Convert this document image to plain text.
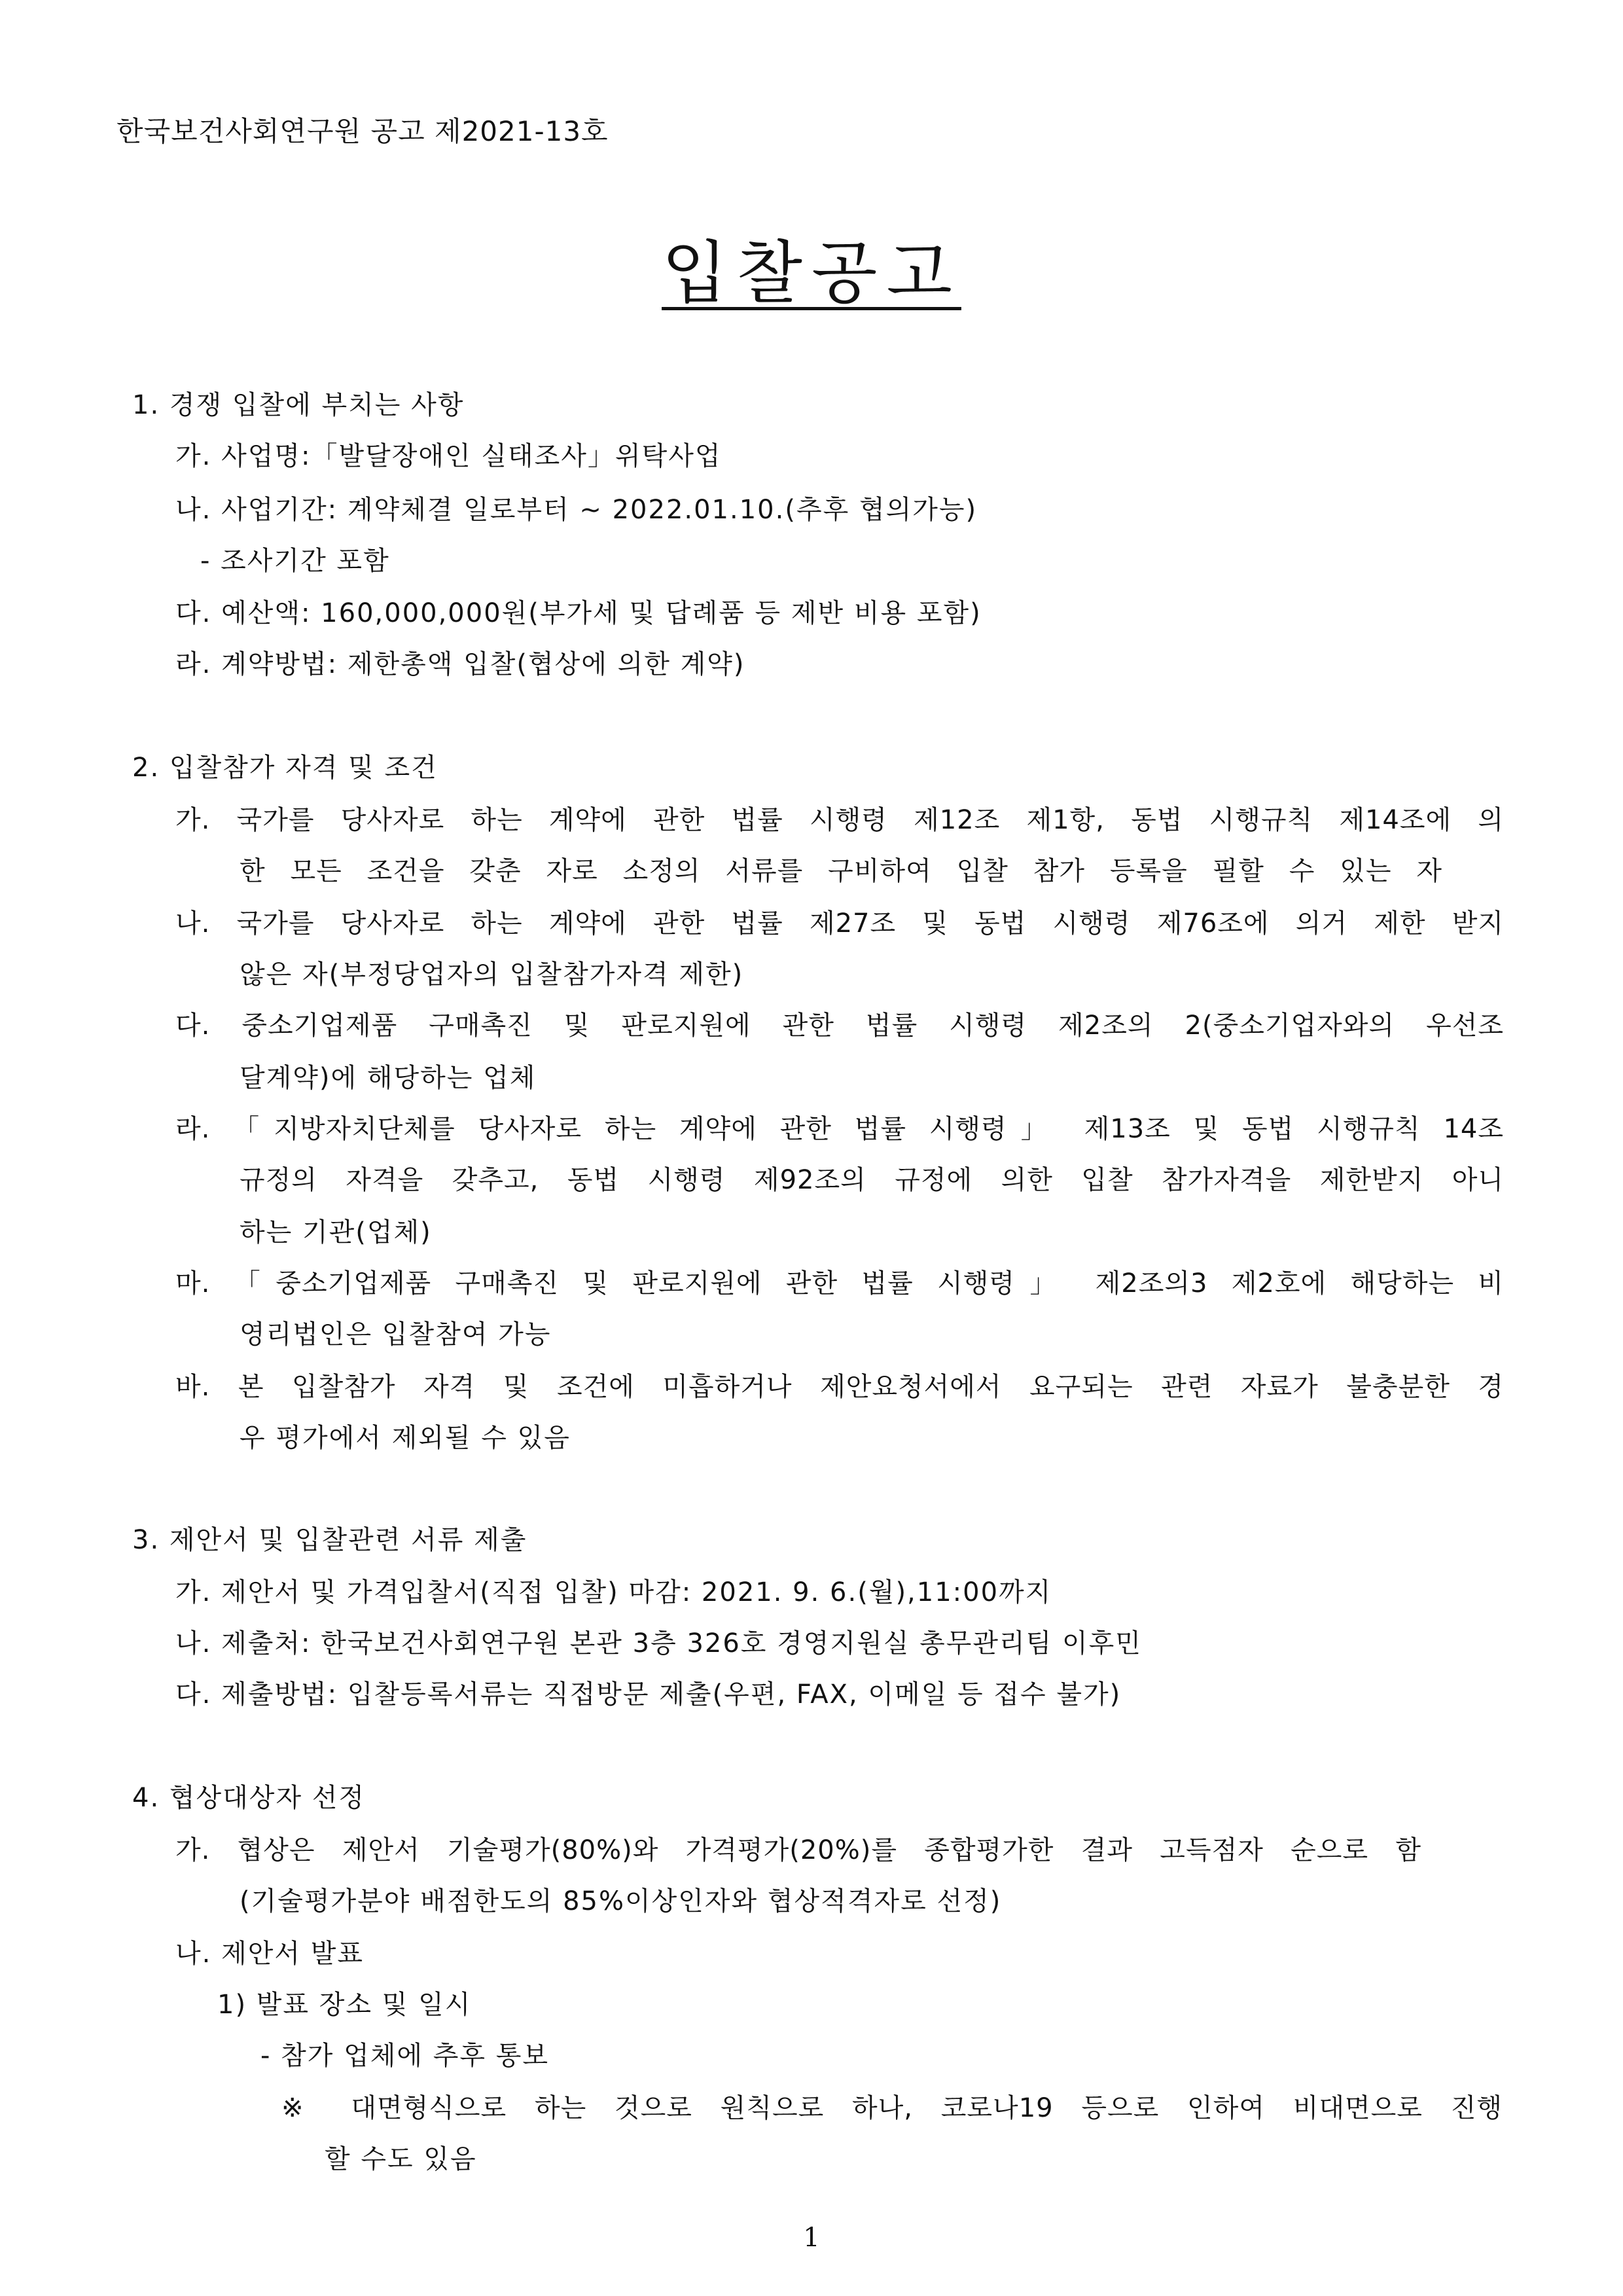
한국보건사회연구원 공고 제2021-13호
입찰공고
1. 경쟁 입찰에 부치는 사항
가. 사업명:「발달장애인 실태조사」위탁사업
나. 사업기간: 계약체결 일로부터 ~ 2022.01.10.(추후 협의가능)
- 조사기간 포함
다. 예산액: 160,000,000원(부가세 및 답례품 등 제반 비용 포함)
라. 계약방법: 제한총액 입찰(협상에 의한 계약)
2. 입찰참가 자격 및 조건
가. 국가를 당사자로 하는 계약에 관한 법률 시행령 제12조 제1항, 동법 시행규칙 제14조에 의
한 모든 조건을 갖춘 자로 소정의 서류를 구비하여 입찰 참가 등록을 필할 수 있는 자
나. 국가를 당사자로 하는 계약에 관한 법률 제27조 및 동법 시행령 제76조에 의거 제한 받지
않은 자(부정당업자의 입찰참가자격 제한)
다. 중소기업제품 구매촉진 및 판로지원에 관한 법률 시행령 제2조의 2(중소기업자와의 우선조
달계약)에 해당하는 업체
라. 「지방자치단체를 당사자로 하는 계약에 관한 법률 시행령」 제13조 및 동법 시행규칙 14조
규정의 자격을 갖추고, 동법 시행령 제92조의 규정에 의한 입찰 참가자격을 제한받지 아니
하는 기관(업체)
마. 「중소기업제품 구매촉진 및 판로지원에 관한 법률 시행령」 제2조의3 제2호에 해당하는 비
영리법인은 입찰참여 가능
바. 본 입찰참가 자격 및 조건에 미흡하거나 제안요청서에서 요구되는 관련 자료가 불충분한 경
우 평가에서 제외될 수 있음
3. 제안서 및 입찰관련 서류 제출
가. 제안서 및 가격입찰서(직접 입찰) 마감: 2021. 9. 6.(월),11:00까지
나. 제출처: 한국보건사회연구원 본관 3층 326호 경영지원실 총무관리팀 이후민
다. 제출방법: 입찰등록서류는 직접방문 제출(우편, FAX, 이메일 등 접수 불가)
4. 협상대상자 선정
가. 협상은 제안서 기술평가(80%)와 가격평가(20%)를 종합평가한 결과 고득점자 순으로 함
(기술평가분야 배점한도의 85%이상인자와 협상적격자로 선정)
나. 제안서 발표
1) 발표 장소 및 일시
- 참가 업체에 추후 통보
※ 대면형식으로 하는 것으로 원칙으로 하나, 코로나19 등으로 인하여 비대면으로 진행
할 수도 있음
1
